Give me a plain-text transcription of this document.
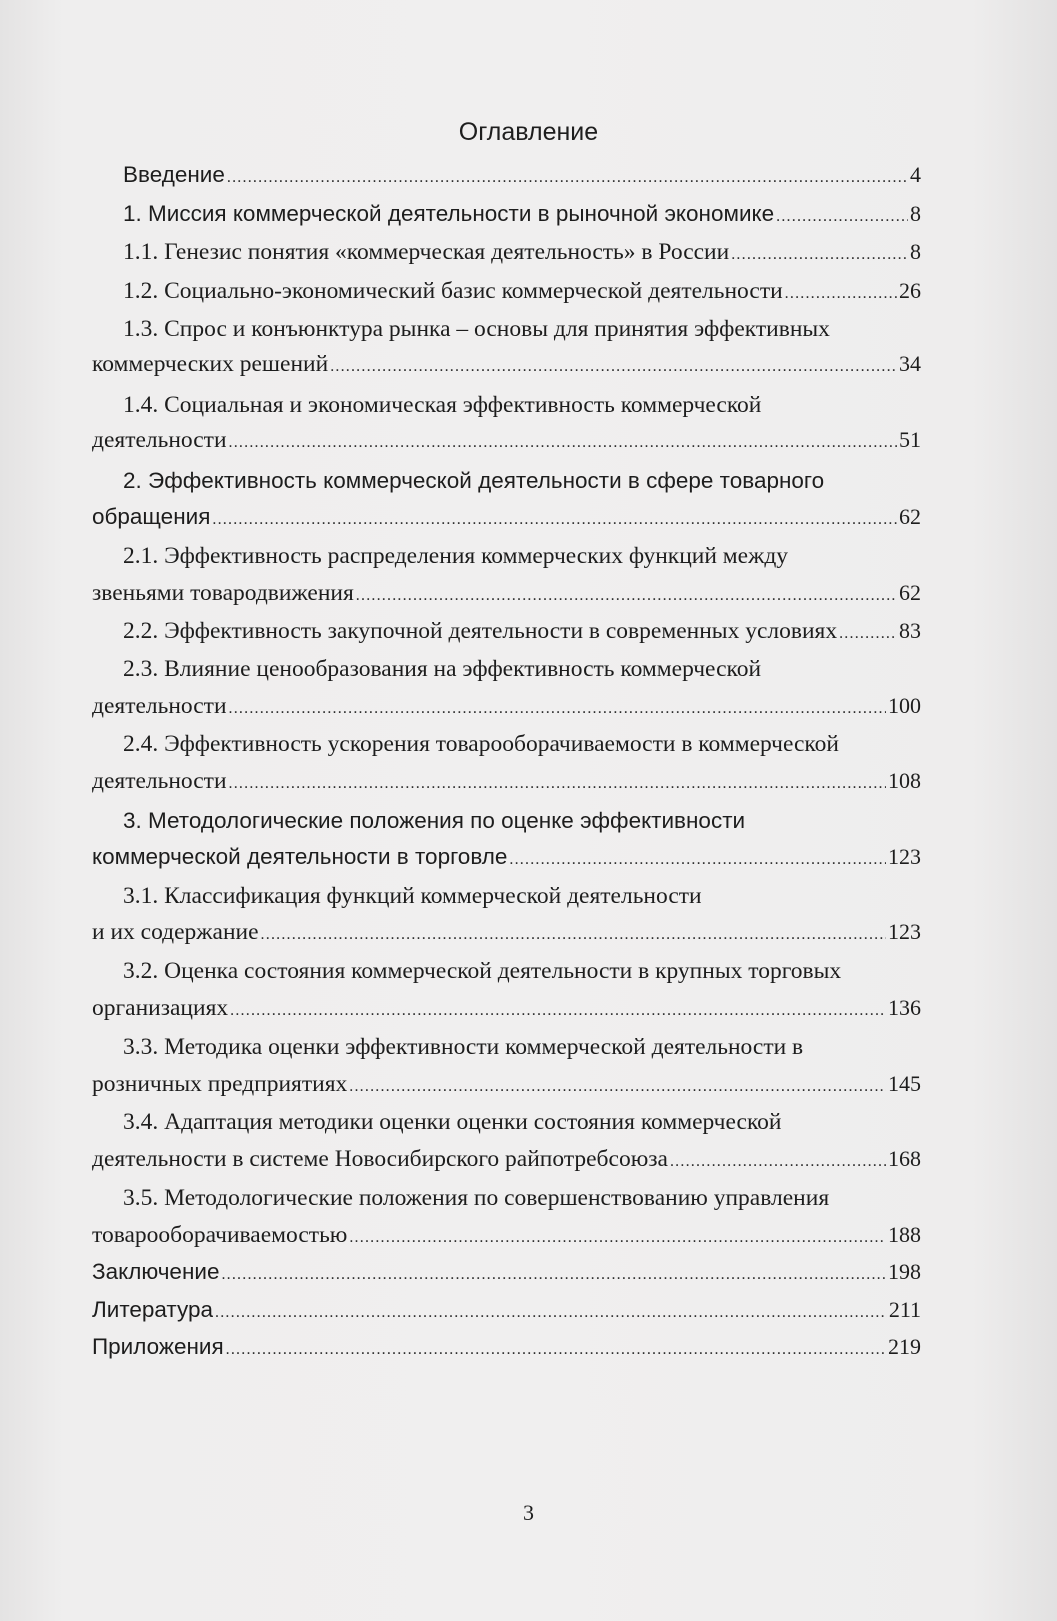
Оглавление
Введение .....	4
1. Миссия коммерческой деятельности в рыночной экономике .....	8
1.1. Генезис понятия «коммерческая деятельность» в России .....	8
1.2. Социально-экономический базис коммерческой деятельности .....	26
1.3. Спрос и конъюнктура рынка – основы для принятия эффективных
коммерческих решений .....	34
1.4. Социальная и экономическая эффективность коммерческой
деятельности .....	51
2. Эффективность коммерческой деятельности в сфере товарного
обращения .....	62
2.1. Эффективность распределения коммерческих функций между
звеньями товародвижения .....	62
2.2. Эффективность закупочной деятельности в современных условиях .....	83
2.3. Влияние ценообразования на эффективность коммерческой
деятельности .....	100
2.4. Эффективность ускорения товарооборачиваемости в коммерческой
деятельности .....	108
3. Методологические положения по оценке эффективности
коммерческой деятельности в торговле .....	123
3.1. Классификация функций коммерческой деятельности
и их содержание .....	123
3.2. Оценка состояния коммерческой деятельности в крупных торговых
организациях .....	136
3.3. Методика оценки эффективности коммерческой деятельности в
розничных предприятиях .....	145
3.4. Адаптация методики оценки оценки состояния коммерческой
деятельности в системе Новосибирского райпотребсоюза .....	168
3.5. Методологические положения по совершенствованию управления
товарооборачиваемостью .....	188
Заключение .....	198
Литература .....	211
Приложения .....	219
3
